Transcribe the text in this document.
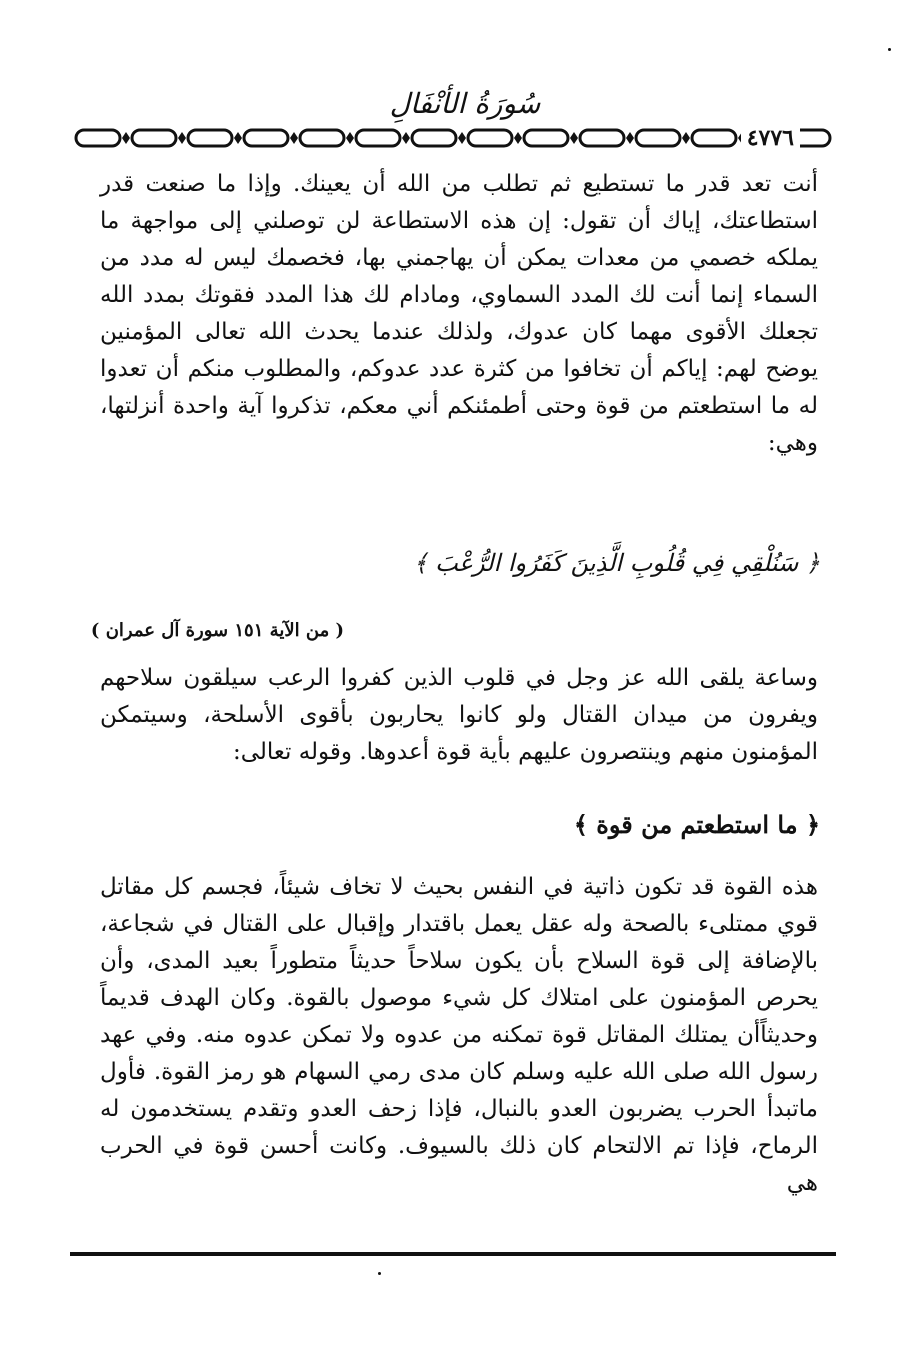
سُورَةُ الأنْفَالِ
٤٧٧٦

أنت تعد قدر ما تستطيع ثم تطلب من الله أن يعينك. وإذا ما صنعت قدر استطاعتك، إياك أن تقول: إن هذه الاستطاعة لن توصلني إلى مواجهة ما يملكه خصمي من معدات يمكن أن يهاجمني بها، فخصمك ليس له مدد من السماء إنما أنت لك المدد السماوي، ومادام لك هذا المدد فقوتك بمدد الله تجعلك الأقوى مهما كان عدوك، ولذلك عندما يحدث الله تعالى المؤمنين يوضح لهم: إياكم أن تخافوا من كثرة عدد عدوكم، والمطلوب منكم أن تعدوا له ما استطعتم من قوة وحتى أطمئنكم أني معكم، تذكروا آية واحدة أنزلتها، وهي:

﴿ سَنُلْقِي فِي قُلُوبِ الَّذِينَ كَفَرُوا الرُّعْبَ ﴾
( من الآية ١٥١ سورة آل عمران )

وساعة يلقى الله عز وجل في قلوب الذين كفروا الرعب سيلقون سلاحهم ويفرون من ميدان القتال ولو كانوا يحاربون بأقوى الأسلحة، وسيتمكن المؤمنون منهم وينتصرون عليهم بأية قوة أعدوها. وقوله تعالى:

﴿ ما استطعتم من قوة ﴾

هذه القوة قد تكون ذاتية في النفس بحيث لا تخاف شيئاً، فجسم كل مقاتل قوي ممتلىء بالصحة وله عقل يعمل باقتدار وإقبال على القتال في شجاعة، بالإضافة إلى قوة السلاح بأن يكون سلاحاً حديثاً متطوراً بعيد المدى، وأن يحرص المؤمنون على امتلاك كل شيء موصول بالقوة. وكان الهدف قديماً وحديثاًأن يمتلك المقاتل قوة تمكنه من عدوه ولا تمكن عدوه منه. وفي عهد رسول الله صلى الله عليه وسلم كان مدى رمي السهام هو رمز القوة. فأول ماتبدأ الحرب يضربون العدو بالنبال، فإذا زحف العدو وتقدم يستخدمون له الرماح، فإذا تم الالتحام كان ذلك بالسيوف. وكانت أحسن قوة في الحرب هي
